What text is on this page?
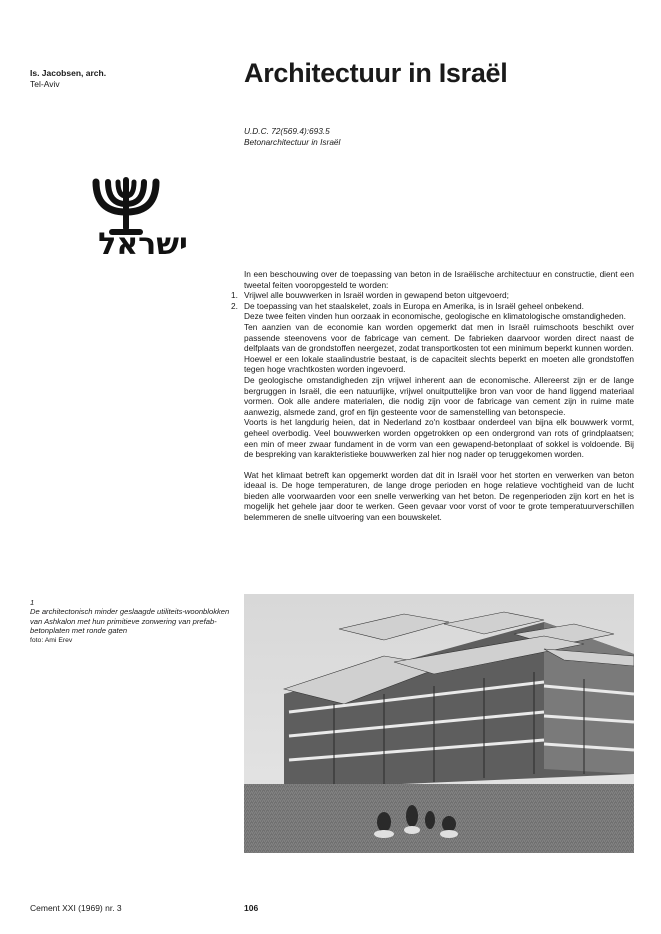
Is. Jacobsen, arch.
Tel-Aviv	Architectuur in Israël
U.D.C. 72(569.4):693.5
Betonarchitectuur in Israël
ישראל

In een beschouwing over de toepassing van beton in de Israëlische architectuur en constructie, dient een tweetal feiten vooropgesteld te worden:

1. Vrijwel alle bouwwerken in Israël worden in gewapend beton uitgevoerd;

2. De toepassing van het staalskelet, zoals in Europa en Amerika, is in Israël geheel onbekend.

Deze twee feiten vinden hun oorzaak in economische, geologische en klimatologische omstandigheden.

Ten aanzien van de economie kan worden opgemerkt dat men in Israël ruimschoots beschikt over passende steenovens voor de fabricage van cement. De fabrieken daarvoor worden direct naast de delfplaats van de grondstoffen neergezet, zodat transportkosten tot een minimum beperkt kunnen worden.

Hoewel er een lokale staalindustrie bestaat, is de capaciteit slechts beperkt en moeten alle grondstoffen tegen hoge vrachtkosten worden ingevoerd.

De geologische omstandigheden zijn vrijwel inherent aan de economische. Allereerst zijn er de lange bergruggen in Israël, die een natuurlijke, vrijwel onuitputtelijke bron van voor de hand liggend materiaal vormen. Ook alle andere materialen, die nodig zijn voor de fabricage van cement zijn in ruime mate aanwezig, alsmede zand, grof en fijn gesteente voor de samenstelling van betonspecie.

Voorts is het langdurig heien, dat in Nederland zo'n kostbaar onderdeel van bijna elk bouwwerk vormt, geheel overbodig. Veel bouwwerken worden opgetrokken op een ondergrond van rots of grindplaatsen; een min of meer zwaar fundament in de vorm van een gewapend-betonplaat of sokkel is voldoende. Bij de bespreking van karakteristieke bouwwerken zal hier nog nader op teruggekomen worden.

Wat het klimaat betreft kan opgemerkt worden dat dit in Israël voor het storten en verwerken van beton ideaal is. De hoge temperaturen, de lange droge perioden en hoge relatieve vochtigheid van de lucht bieden alle voorwaarden voor een snelle verwerking van het beton. De regenperioden zijn kort en het is mogelijk het gehele jaar door te werken. Geen gevaar voor vorst of voor te grote temperatuurverschillen belemmeren de snelle uitvoering van een bouwskelet.

1
De architectonisch minder geslaagde utiliteits-woonblokken van Ashkalon met hun primitieve zonwering van prefab-betonplaten met ronde gaten
foto: Ami Erev
Cement XXI (1969) nr. 3	106
